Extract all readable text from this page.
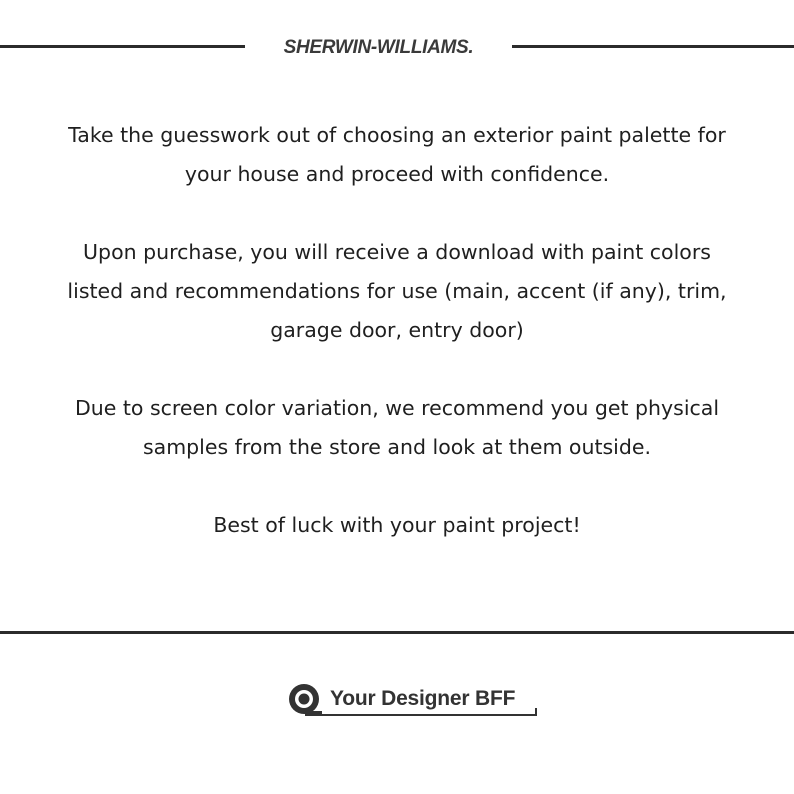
SHERWIN-WILLIAMS.
Take the guesswork out of choosing an exterior paint palette for
your house and proceed with confidence.
Upon purchase, you will receive a download with paint colors
listed and recommendations for use (main, accent (if any), trim,
garage door, entry door)
Due to screen color variation, we recommend you get physical
samples from the store and look at them outside.
Best of luck with your paint project!
Your Designer BFF
